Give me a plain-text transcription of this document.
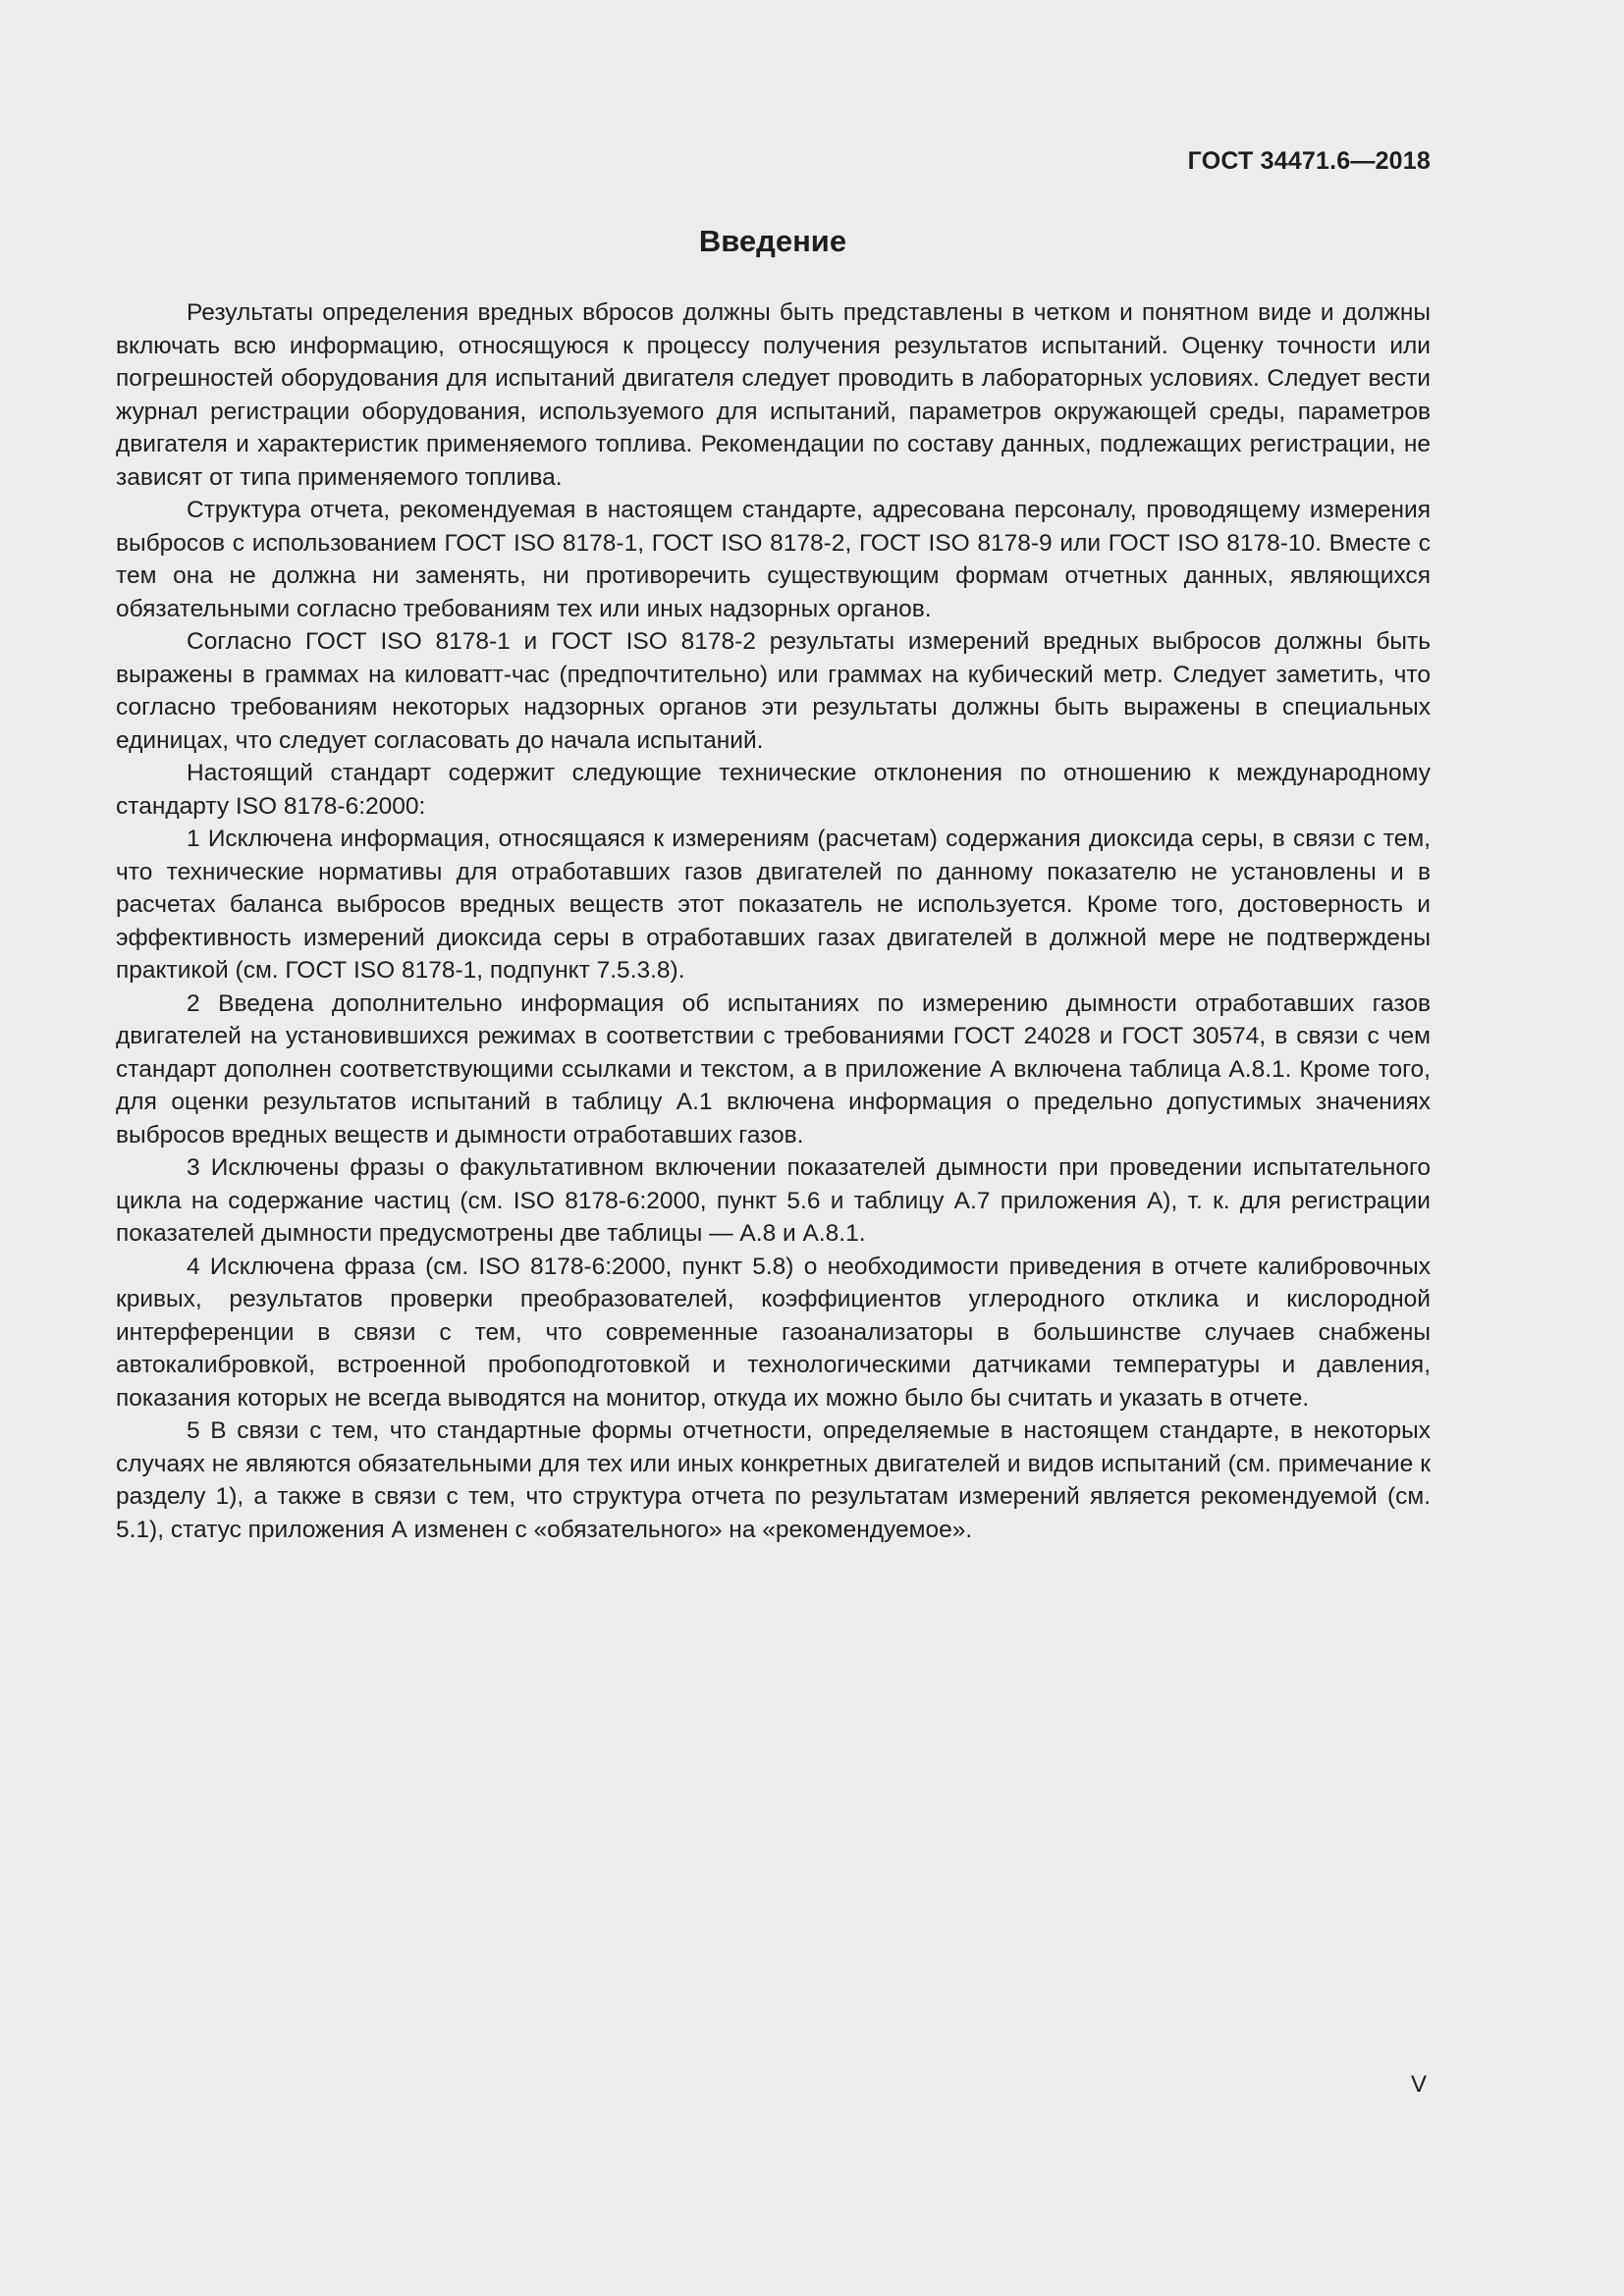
ГОСТ 34471.6—2018

Введение

Результаты определения вредных вбросов должны быть представлены в четком и понятном виде и должны включать всю информацию, относящуюся к процессу получения результатов испытаний. Оценку точности или погрешностей оборудования для испытаний двигателя следует проводить в лабораторных условиях. Следует вести журнал регистрации оборудования, используемого для испытаний, параметров окружающей среды, параметров двигателя и характеристик применяемого топлива. Рекомендации по составу данных, подлежащих регистрации, не зависят от типа применяемого топлива.

Структура отчета, рекомендуемая в настоящем стандарте, адресована персоналу, проводящему измерения выбросов с использованием ГОСТ ISO 8178-1, ГОСТ ISO 8178-2, ГОСТ ISO 8178-9 или ГОСТ ISO 8178-10. Вместе с тем она не должна ни заменять, ни противоречить существующим формам отчетных данных, являющихся обязательными согласно требованиям тех или иных надзорных органов.

Согласно ГОСТ ISO 8178-1 и ГОСТ ISO 8178-2 результаты измерений вредных выбросов должны быть выражены в граммах на киловатт-час (предпочтительно) или граммах на кубический метр. Следует заметить, что согласно требованиям некоторых надзорных органов эти результаты должны быть выражены в специальных единицах, что следует согласовать до начала испытаний.

Настоящий стандарт содержит следующие технические отклонения по отношению к международному стандарту ISO 8178-6:2000:

1 Исключена информация, относящаяся к измерениям (расчетам) содержания диоксида серы, в связи с тем, что технические нормативы для отработавших газов двигателей по данному показателю не установлены и в расчетах баланса выбросов вредных веществ этот показатель не используется. Кроме того, достоверность и эффективность измерений диоксида серы в отработавших газах двигателей в должной мере не подтверждены практикой (см. ГОСТ ISO 8178-1, подпункт 7.5.3.8).

2 Введена дополнительно информация об испытаниях по измерению дымности отработавших газов двигателей на установившихся режимах в соответствии с требованиями ГОСТ 24028 и ГОСТ 30574, в связи с чем стандарт дополнен соответствующими ссылками и текстом, а в приложение А включена таблица А.8.1. Кроме того, для оценки результатов испытаний в таблицу А.1 включена информация о предельно допустимых значениях выбросов вредных веществ и дымности отработавших газов.

3 Исключены фразы о факультативном включении показателей дымности при проведении испытательного цикла на содержание частиц (см. ISO 8178-6:2000, пункт 5.6 и таблицу А.7 приложения А), т. к. для регистрации показателей дымности предусмотрены две таблицы — А.8 и А.8.1.

4 Исключена фраза (см. ISO 8178-6:2000, пункт 5.8) о необходимости приведения в отчете калибровочных кривых, результатов проверки преобразователей, коэффициентов углеродного отклика и кислородной интерференции в связи с тем, что современные газоанализаторы в большинстве случаев снабжены автокалибровкой, встроенной пробоподготовкой и технологическими датчиками температуры и давления, показания которых не всегда выводятся на монитор, откуда их можно было бы считать и указать в отчете.

5 В связи с тем, что стандартные формы отчетности, определяемые в настоящем стандарте, в некоторых случаях не являются обязательными для тех или иных конкретных двигателей и видов испытаний (см. примечание к разделу 1), а также в связи с тем, что структура отчета по результатам измерений является рекомендуемой (см. 5.1), статус приложения А изменен с «обязательного» на «рекомендуемое».

V
